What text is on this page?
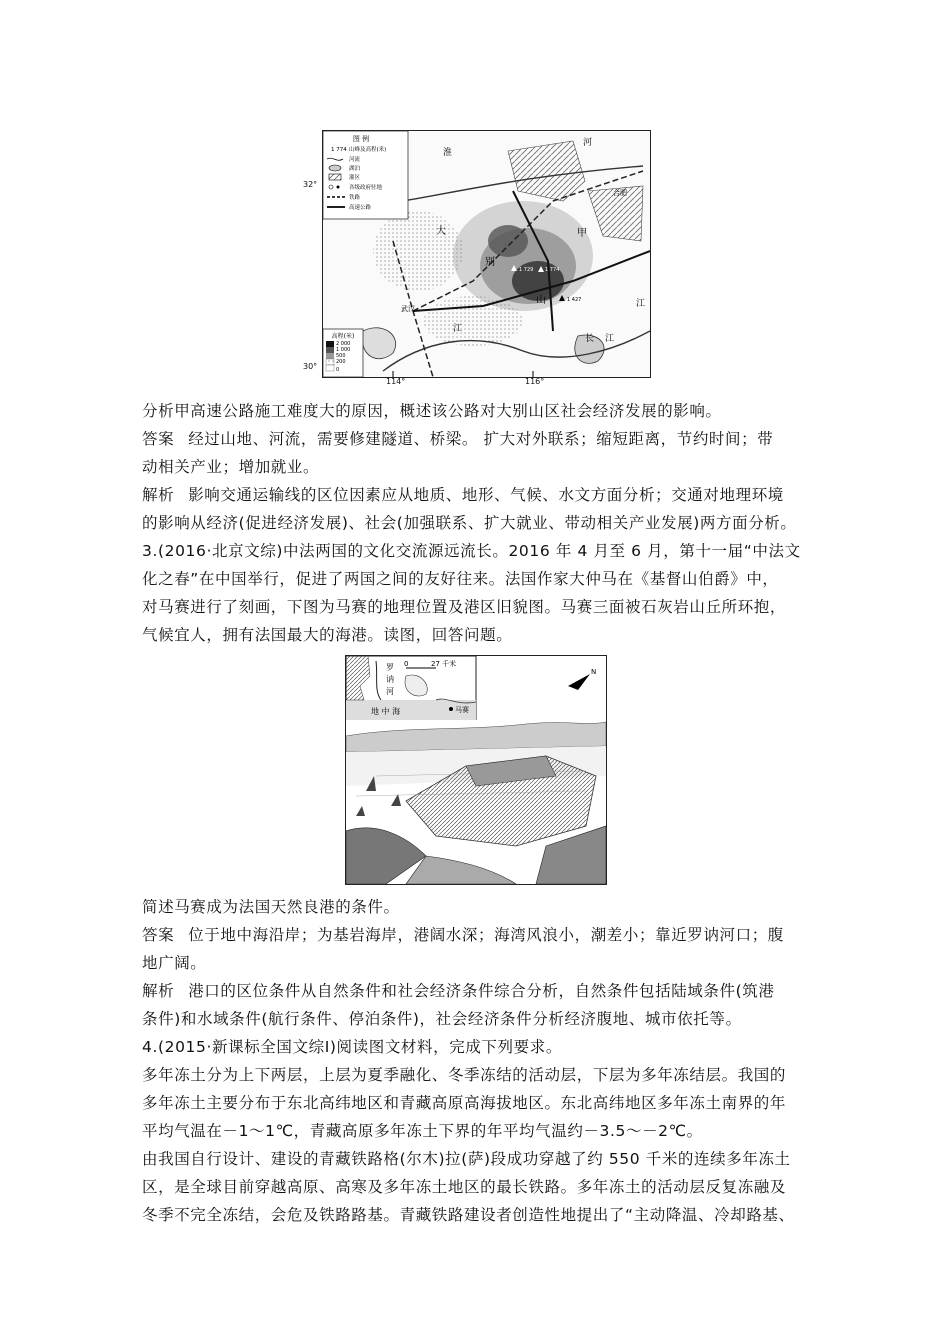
图 例
1 774 山峰及高程(米)
河流
湖泊
灌区
各级政府驻地
铁路
高速公路
高程(米)
2 000
1 000
500
200
0
淮
河
合肥
大	甲
别
山	江
武汉
江
长 江
1 729 1 774
1 427
32°
30°
114°	116°
分析甲高速公路施工难度大的原因，概述该公路对大别山区社会经济发展的影响。
答案 经过山地、河流，需要修建隧道、桥梁。 扩大对外联系；缩短距离，节约时间；带
动相关产业；增加就业。
解析 影响交通运输线的区位因素应从地质、地形、气候、水文方面分析；交通对地理环境
的影响从经济(促进经济发展)、社会(加强联系、扩大就业、带动相关产业发展)两方面分析。
3.(2016·北京文综)中法两国的文化交流源远流长。2016 年 4 月至 6 月，第十一届“中法文
化之春”在中国举行，促进了两国之间的友好往来。法国作家大仲马在《基督山伯爵》中，
对马赛进行了刻画，下图为马赛的地理位置及港区旧貌图。马赛三面被石灰岩山丘所环抱，
气候宜人，拥有法国最大的海港。读图，回答问题。
罗
讷
河
0	27 千米
地 中 海	马赛
N
简述马赛成为法国天然良港的条件。
答案 位于地中海沿岸；为基岩海岸，港阔水深；海湾风浪小，潮差小；靠近罗讷河口；腹
地广阔。
解析 港口的区位条件从自然条件和社会经济条件综合分析，自然条件包括陆域条件(筑港
条件)和水域条件(航行条件、停泊条件)，社会经济条件分析经济腹地、城市依托等。
4.(2015·新课标全国文综Ⅰ)阅读图文材料，完成下列要求。
多年冻土分为上下两层，上层为夏季融化、冬季冻结的活动层，下层为多年冻结层。我国的
多年冻土主要分布于东北高纬地区和青藏高原高海拔地区。东北高纬地区多年冻土南界的年
平均气温在－1～1℃，青藏高原多年冻土下界的年平均气温约－3.5～－2℃。
由我国自行设计、建设的青藏铁路格(尔木)拉(萨)段成功穿越了约 550 千米的连续多年冻土
区，是全球目前穿越高原、高寒及多年冻土地区的最长铁路。多年冻土的活动层反复冻融及
冬季不完全冻结，会危及铁路路基。青藏铁路建设者创造性地提出了“主动降温、冷却路基、
